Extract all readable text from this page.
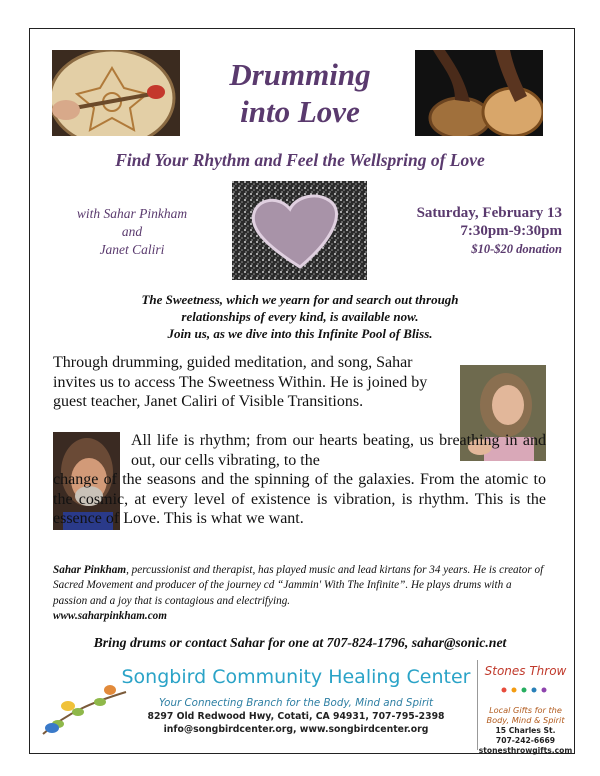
Drumming
into Love
Find Your Rhythm and Feel the Wellspring of Love
with Sahar Pinkham
and
Janet Caliri
Saturday, February 13
7:30pm-9:30pm
$10-$20 donation
The Sweetness, which we yearn for and search out through
relationships of every kind, is available now.
Join us, as we dive into this Infinite Pool of Bliss.
Through drumming, guided meditation, and song, Sahar invites us to access The Sweetness Within. He is joined by guest teacher, Janet Caliri of Visible Transitions.
All life is rhythm; from our hearts beating, us breathing in and out, our cells vibrating, to the
change of the seasons and the spinning of the galaxies. From the atomic to the cosmic, at every level of existence is vibration, is rhythm. This is the essence of Love. This is what we want.
Sahar Pinkham, percussionist and therapist, has played music and lead kirtans for 34 years. He is creator of Sacred Movement and producer of the journey cd “Jammin' With The Infinite”. He plays drums with a passion and a joy that is contagious and electrifying.
www.saharpinkham.com
Bring drums or contact Sahar for one at 707-824-1796, sahar@sonic.net
Songbird Community Healing Center
Your Connecting Branch for the Body, Mind and Spirit
8297 Old Redwood Hwy, Cotati, CA 94931, 707-795-2398
info@songbirdcenter.org, www.songbirdcenter.org
Stones Throw
Local Gifts for the
Body, Mind & Spirit
15 Charles St.
707-242-6669
stonesthrowgifts.com
